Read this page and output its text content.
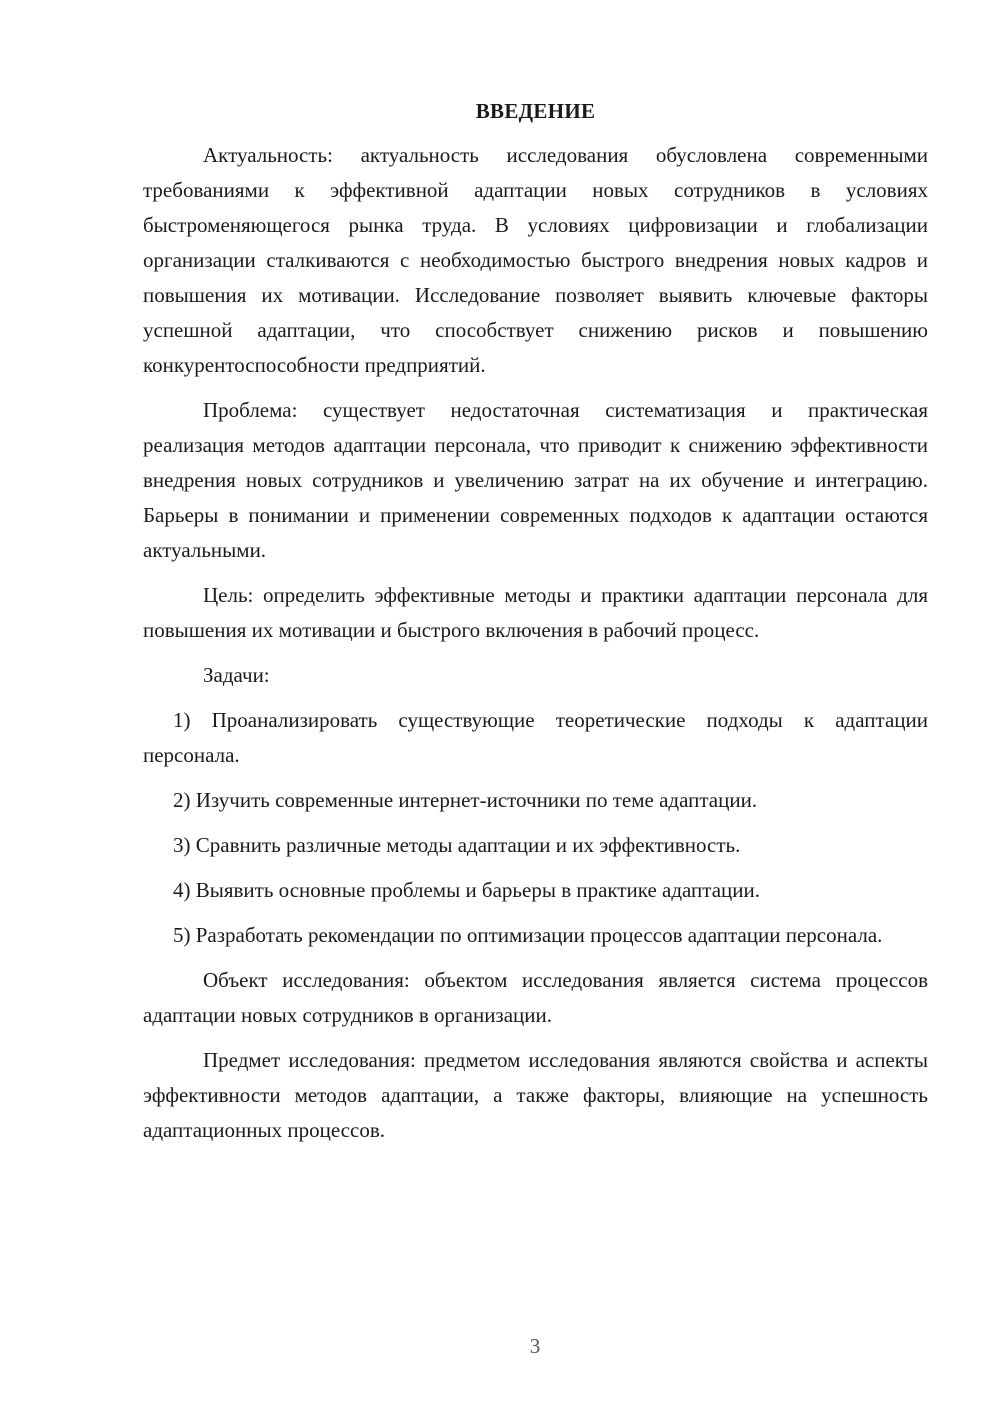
ВВЕДЕНИЕ

Актуальность: актуальность исследования обусловлена современными требованиями к эффективной адаптации новых сотрудников в условиях быстроменяющегося рынка труда. В условиях цифровизации и глобализации организации сталкиваются с необходимостью быстрого внедрения новых кадров и повышения их мотивации. Исследование позволяет выявить ключевые факторы успешной адаптации, что способствует снижению рисков и повышению конкурентоспособности предприятий.

Проблема: существует недостаточная систематизация и практическая реализация методов адаптации персонала, что приводит к снижению эффективности внедрения новых сотрудников и увеличению затрат на их обучение и интеграцию. Барьеры в понимании и применении современных подходов к адаптации остаются актуальными.

Цель: определить эффективные методы и практики адаптации персонала для повышения их мотивации и быстрого включения в рабочий процесс.

Задачи:

1) Проанализировать существующие теоретические подходы к адаптации персонала.

2) Изучить современные интернет-источники по теме адаптации.

3) Сравнить различные методы адаптации и их эффективность.

4) Выявить основные проблемы и барьеры в практике адаптации.

5) Разработать рекомендации по оптимизации процессов адаптации персонала.

Объект исследования: объектом исследования является система процессов адаптации новых сотрудников в организации.

Предмет исследования: предметом исследования являются свойства и аспекты эффективности методов адаптации, а также факторы, влияющие на успешность адаптационных процессов.

3
